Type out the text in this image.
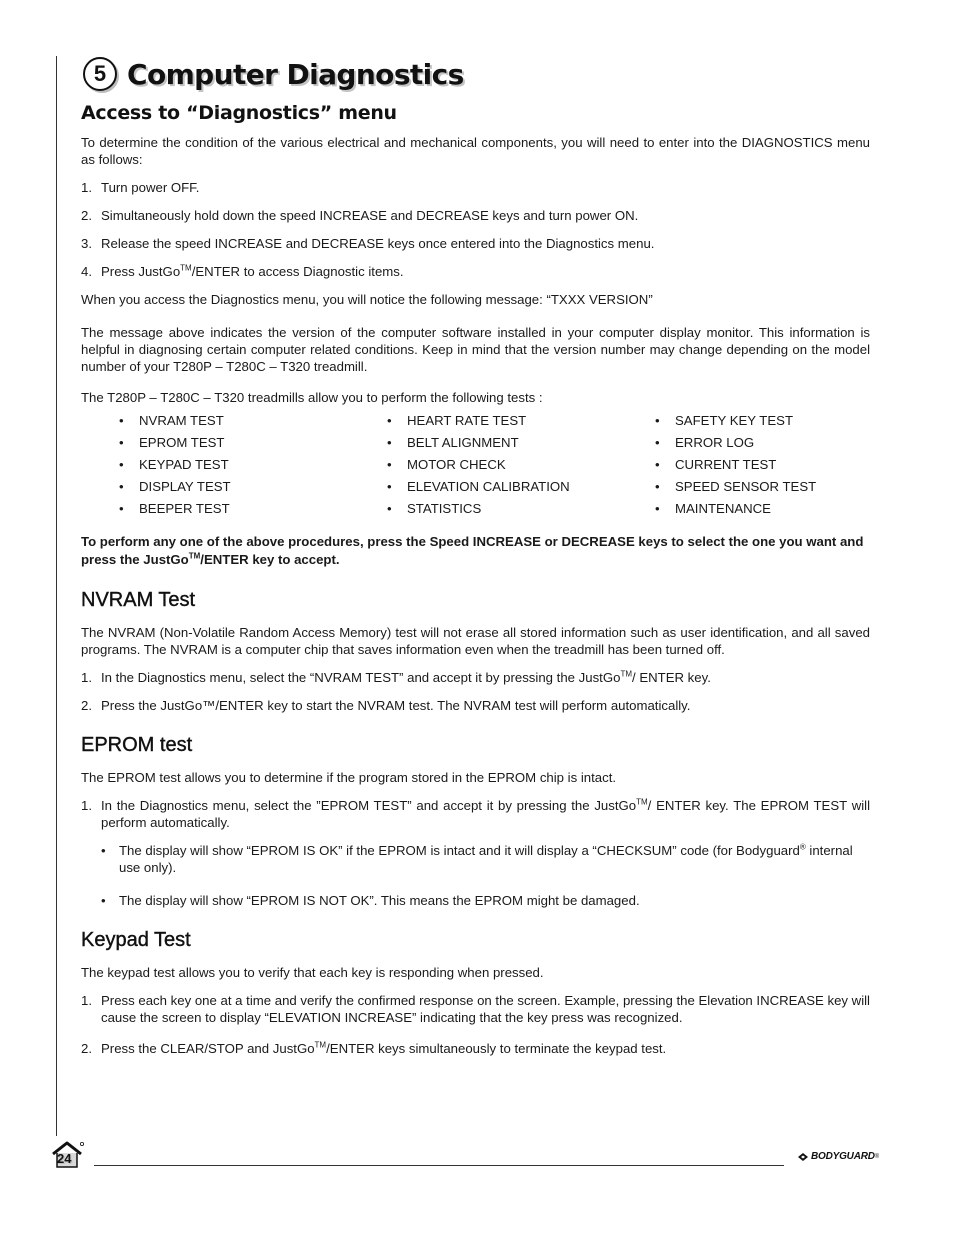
5 Computer Diagnostics
Access to “Diagnostics” menu

To determine the condition of the various electrical and mechanical components, you will need to enter into the DIAGNOSTICS menu as follows:

1. Turn power OFF.
2. Simultaneously hold down the speed INCREASE and DECREASE keys and turn power ON.
3. Release the speed INCREASE and DECREASE keys once entered into the Diagnostics menu.
4. Press JustGo™/ENTER to access Diagnostic items.

When you access the Diagnostics menu, you will notice the following message: “TXXX VERSION”

The message above indicates the version of the computer software installed in your computer display monitor. This information is helpful in diagnosing certain computer related conditions. Keep in mind that the version number may change depending on the model number of your T280P – T280C – T320 treadmill.

The T280P – T280C – T320 treadmills allow you to perform the following tests :

•	NVRAM TEST	•	HEART RATE TEST	•	SAFETY KEY TEST
•	EPROM TEST	•	BELT ALIGNMENT	•	ERROR LOG
•	KEYPAD TEST	•	MOTOR CHECK	•	CURRENT TEST
•	DISPLAY TEST	•	ELEVATION CALIBRATION	•	SPEED SENSOR TEST
•	BEEPER TEST	•	STATISTICS	•	MAINTENANCE
To perform any one of the above procedures, press the Speed INCREASE or DECREASE keys to select the one you want and press the JustGo™/ENTER key to accept.
NVRAM Test

The NVRAM (Non-Volatile Random Access Memory) test will not erase all stored information such as user identification, and all saved programs. The NVRAM is a computer chip that saves information even when the treadmill has been turned off.

1. In the Diagnostics menu, select the “NVRAM TEST” and accept it by pressing the JustGo™/ ENTER key.
2. Press the JustGo™/ENTER key to start the NVRAM test. The NVRAM test will perform automatically.
EPROM test

The EPROM test allows you to determine if the program stored in the EPROM chip is intact.

1. In the Diagnostics menu, select the ”EPROM TEST” and accept it by pressing the JustGo™/ ENTER key. The EPROM TEST will perform automatically.
•	The display will show “EPROM IS OK” if the EPROM is intact and it will display a “CHECKSUM” code (for Bodyguard® internal use only).
•	The display will show “EPROM IS NOT OK”. This means the EPROM might be damaged.
Keypad Test

The keypad test allows you to verify that each key is responding when pressed.

1. Press each key one at a time and verify the confirmed response on the screen. Example, pressing the Elevation INCREASE key will cause the screen to display “ELEVATION INCREASE” indicating that the key press was recognized.
2. Press the CLEAR/STOP and JustGo™/ENTER keys simultaneously to terminate the keypad test.
24	BODYGUARD ®
